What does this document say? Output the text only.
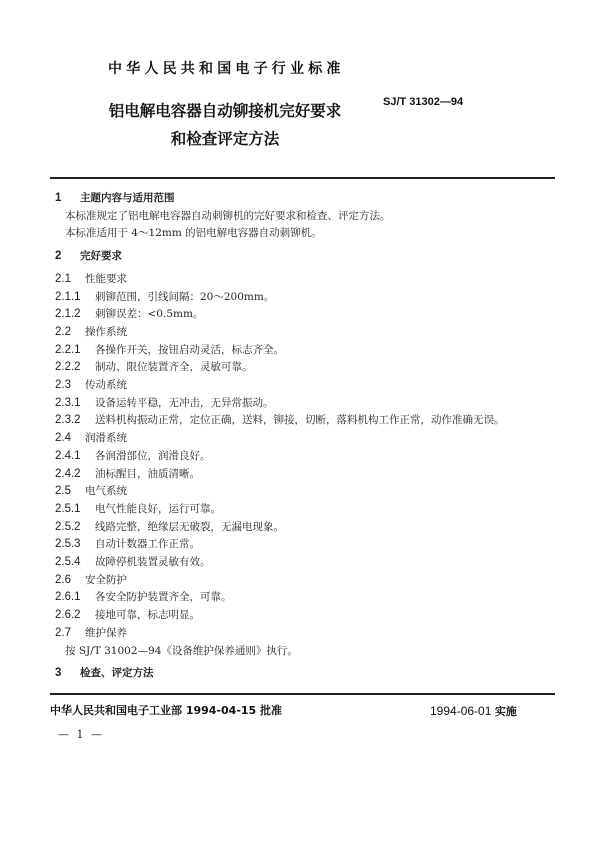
中华人民共和国电子行业标准
铝电解电容器自动铆接机完好要求
和检查评定方法
SJ/T 31302—94
1 主题内容与适用范围
本标准规定了铝电解电容器自动刺铆机的完好要求和检查、评定方法。
本标准适用于 4～12mm 的铝电解电容器自动刺铆机。
2 完好要求
2.1 性能要求
2.1.1 刺铆范围，引线间隔：20～200mm。
2.1.2 刺铆误差：<0.5mm。
2.2 操作系统
2.2.1 各操作开关，按钮启动灵活，标志齐全。
2.2.2 制动、限位装置齐全，灵敏可靠。
2.3 传动系统
2.3.1 设备运转平稳，无冲击，无异常振动。
2.3.2 送料机构振动正常，定位正确，送料，铆接，切断，落料机构工作正常，动作准确无误。
2.4 润滑系统
2.4.1 各润滑部位，润滑良好。
2.4.2 油标醒目，油质清晰。
2.5 电气系统
2.5.1 电气性能良好，运行可靠。
2.5.2 线路完整，绝缘层无破裂，无漏电现象。
2.5.3 自动计数器工作正常。
2.5.4 故障停机装置灵敏有效。
2.6 安全防护
2.6.1 各安全防护装置齐全，可靠。
2.6.2 接地可靠，标志明显。
2.7 维护保养
按 SJ/T 31002—94《设备维护保养通则》执行。
3 检查、评定方法
中华人民共和国电子工业部 1994-04-15 批准	1994-06-01 实施
— 1 —
